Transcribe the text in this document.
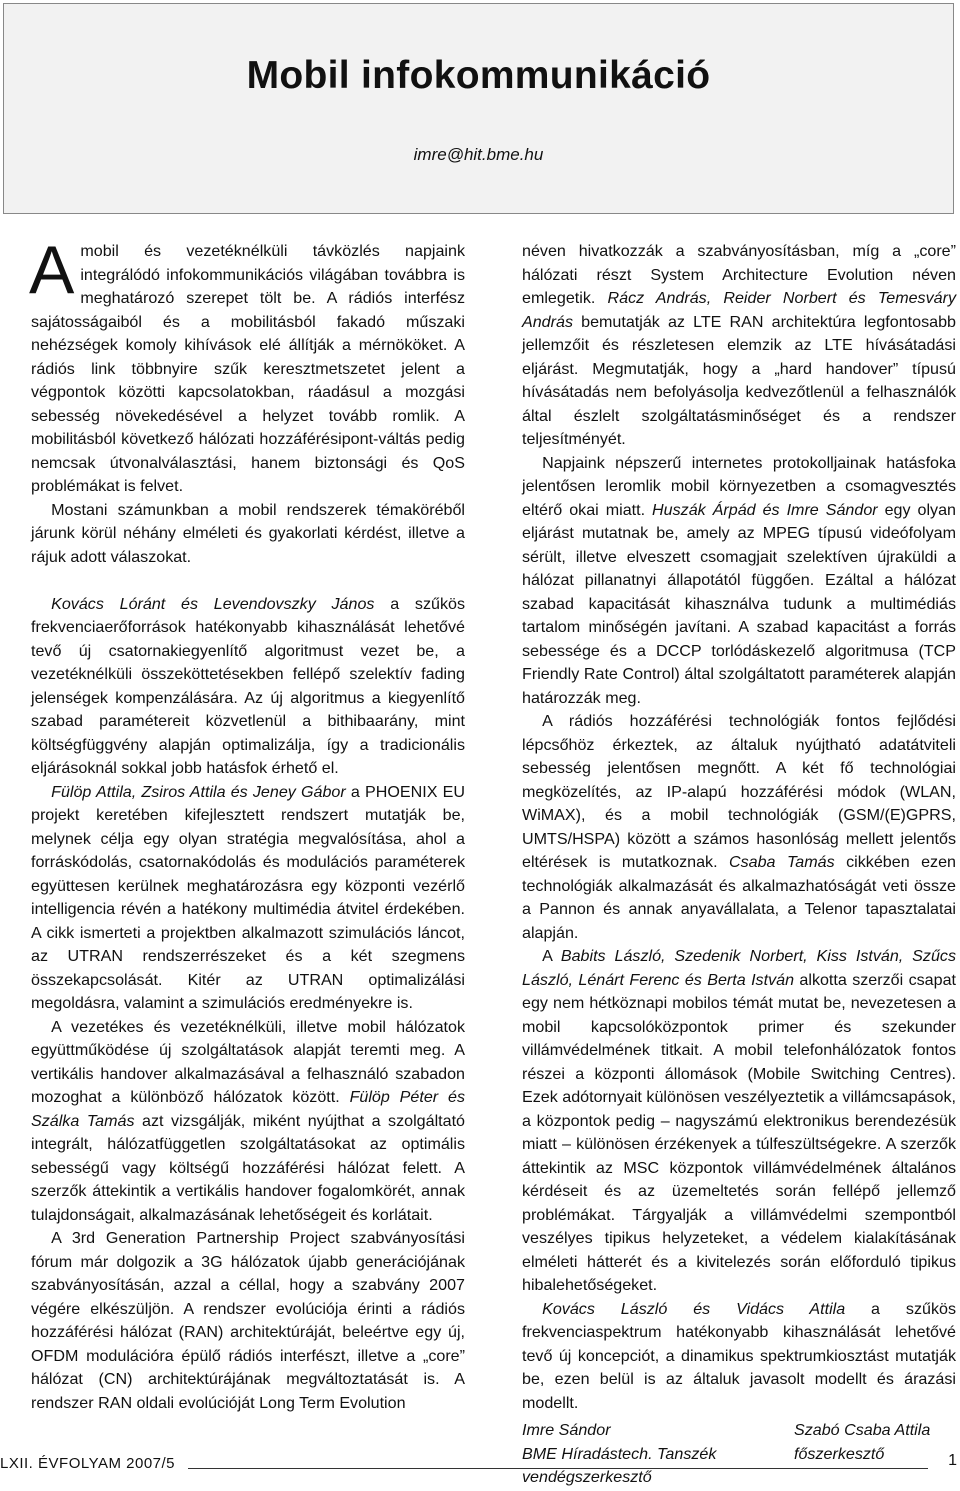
Mobil infokommunikáció
imre@hit.bme.hu

Amobil és vezetéknélküli távközlés napjaink integrálódó infokommunikációs világában továbbra is meghatározó szerepet tölt be. A rádiós interfész sajátosságaiból és a mobilitásból fakadó műszaki nehézségek komoly kihívások elé állítják a mérnököket. A rádiós link többnyire szűk keresztmetszetet jelent a végpontok közötti kapcsolatokban, ráadásul a mozgási sebesség növekedésével a helyzet tovább romlik. A mobilitásból következő hálózati hozzáférésipont-váltás pedig nemcsak útvonalválasztási, hanem biztonsági és QoS problémákat is felvet.

Mostani számunkban a mobil rendszerek témaköréből járunk körül néhány elméleti és gyakorlati kérdést, illetve a rájuk adott válaszokat.

Kovács Lóránt és Levendovszky János a szűkös frekvenciaerőforrások hatékonyabb kihasználását lehetővé tevő új csatornakiegyenlítő algoritmust vezet be, a vezetéknélküli összeköttetésekben fellépő szelektív fading jelenségek kompenzálására. Az új algoritmus a kiegyenlítő szabad paramétereit közvetlenül a bithibaarány, mint költségfüggvény alapján optimalizálja, így a tradicionális eljárásoknál sokkal jobb hatásfok érhető el.

Fülöp Attila, Zsiros Attila és Jeney Gábor a PHOENIX EU projekt keretében kifejlesztett rendszert mutatják be, melynek célja egy olyan stratégia megvalósítása, ahol a forráskódolás, csatornakódolás és modulációs paraméterek együttesen kerülnek meghatározásra egy központi vezérlő intelligencia révén a hatékony multimédia átvitel érdekében. A cikk ismerteti a projektben alkalmazott szimulációs láncot, az UTRAN rendszerrészeket és a két szegmens összekapcsolását. Kitér az UTRAN optimalizálási megoldásra, valamint a szimulációs eredményekre is.

A vezetékes és vezetéknélküli, illetve mobil hálózatok együttműködése új szolgáltatások alapját teremti meg. A vertikális handover alkalmazásával a felhasználó szabadon mozoghat a különböző hálózatok között. Fülöp Péter és Szálka Tamás azt vizsgálják, miként nyújthat a szolgáltató integrált, hálózatfüggetlen szolgáltatásokat az optimális sebességű vagy költségű hozzáférési hálózat felett. A szerzők áttekintik a vertikális handover fogalomkörét, annak tulajdonságait, alkalmazásának lehetőségeit és korlátait.

A 3rd Generation Partnership Project szabványosítási fórum már dolgozik a 3G hálózatok újabb generációjának szabványosításán, azzal a céllal, hogy a szabvány 2007 végére elkészüljön. A rendszer evolúciója érinti a rádiós hozzáférési hálózat (RAN) architektúráját, beleértve egy új, OFDM modulációra épülő rádiós interfészt, illetve a „core” hálózat (CN) architektúrájának megváltoztatását is. A rendszer RAN oldali evolúcióját Long Term Evolution

néven hivatkozzák a szabványosításban, míg a „core” hálózati részt System Architecture Evolution néven emlegetik. Rácz András, Reider Norbert és Temesváry András bemutatják az LTE RAN architektúra legfontosabb jellemzőit és részletesen elemzik az LTE hívásátadási eljárást. Megmutatják, hogy a „hard handover” típusú hívásátadás nem befolyásolja kedvezőtlenül a felhasználók által észlelt szolgáltatásminőséget és a rendszer teljesítményét.

Napjaink népszerű internetes protokolljainak hatásfoka jelentősen leromlik mobil környezetben a csomagvesztés eltérő okai miatt. Huszák Árpád és Imre Sándor egy olyan eljárást mutatnak be, amely az MPEG típusú videófolyam sérült, illetve elveszett csomagjait szelektíven újraküldi a hálózat pillanatnyi állapotától függően. Ezáltal a hálózat szabad kapacitását kihasználva tudunk a multimédiás tartalom minőségén javítani. A szabad kapacitást a forrás sebessége és a DCCP torlódáskezelő algoritmusa (TCP Friendly Rate Control) által szolgáltatott paraméterek alapján határozzák meg.

A rádiós hozzáférési technológiák fontos fejlődési lépcsőhöz érkeztek, az általuk nyújtható adatátviteli sebesség jelentősen megnőtt. A két fő technológiai megközelítés, az IP-alapú hozzáférési módok (WLAN, WiMAX), és a mobil technológiák (GSM/(E)GPRS, UMTS/HSPA) között a számos hasonlóság mellett jelentős eltérések is mutatkoznak. Csaba Tamás cikkében ezen technológiák alkalmazását és alkalmazhatóságát veti össze a Pannon és annak anyavállalata, a Telenor tapasztalatai alapján.

A Babits László, Szedenik Norbert, Kiss István, Szűcs László, Lénárt Ferenc és Berta István alkotta szerzői csapat egy nem hétköznapi mobilos témát mutat be, nevezetesen a mobil kapcsolóközpontok primer és szekunder villámvédelmének titkait. A mobil telefonhálózatok fontos részei a központi állomások (Mobile Switching Centres). Ezek adótornyait különösen veszélyeztetik a villámcsapások, a központok pedig – nagyszámú elektronikus berendezésük miatt – különösen érzékenyek a túlfeszültségekre. A szerzők áttekintik az MSC központok villámvédelmének általános kérdéseit és az üzemeltetés során fellépő jellemző problémákat. Tárgyalják a villámvédelmi szempontból veszélyes tipikus helyzeteket, a védelem kialakításának elméleti hátterét és a kivitelezés során előforduló tipikus hibalehetőségeket.

Kovács László és Vidács Attila a szűkös frekvenciaspektrum hatékonyabb kihasználását lehetővé tevő új koncepciót, a dinamikus spektrumkiosztást mutatják be, ezen belül is az általuk javasolt modellt és árazási modellt.

Imre Sándor
BME Híradástech. Tanszék
vendégszerkesztő
Szabó Csaba Attila
főszerkesztő
LXII. ÉVFOLYAM 2007/5	1
